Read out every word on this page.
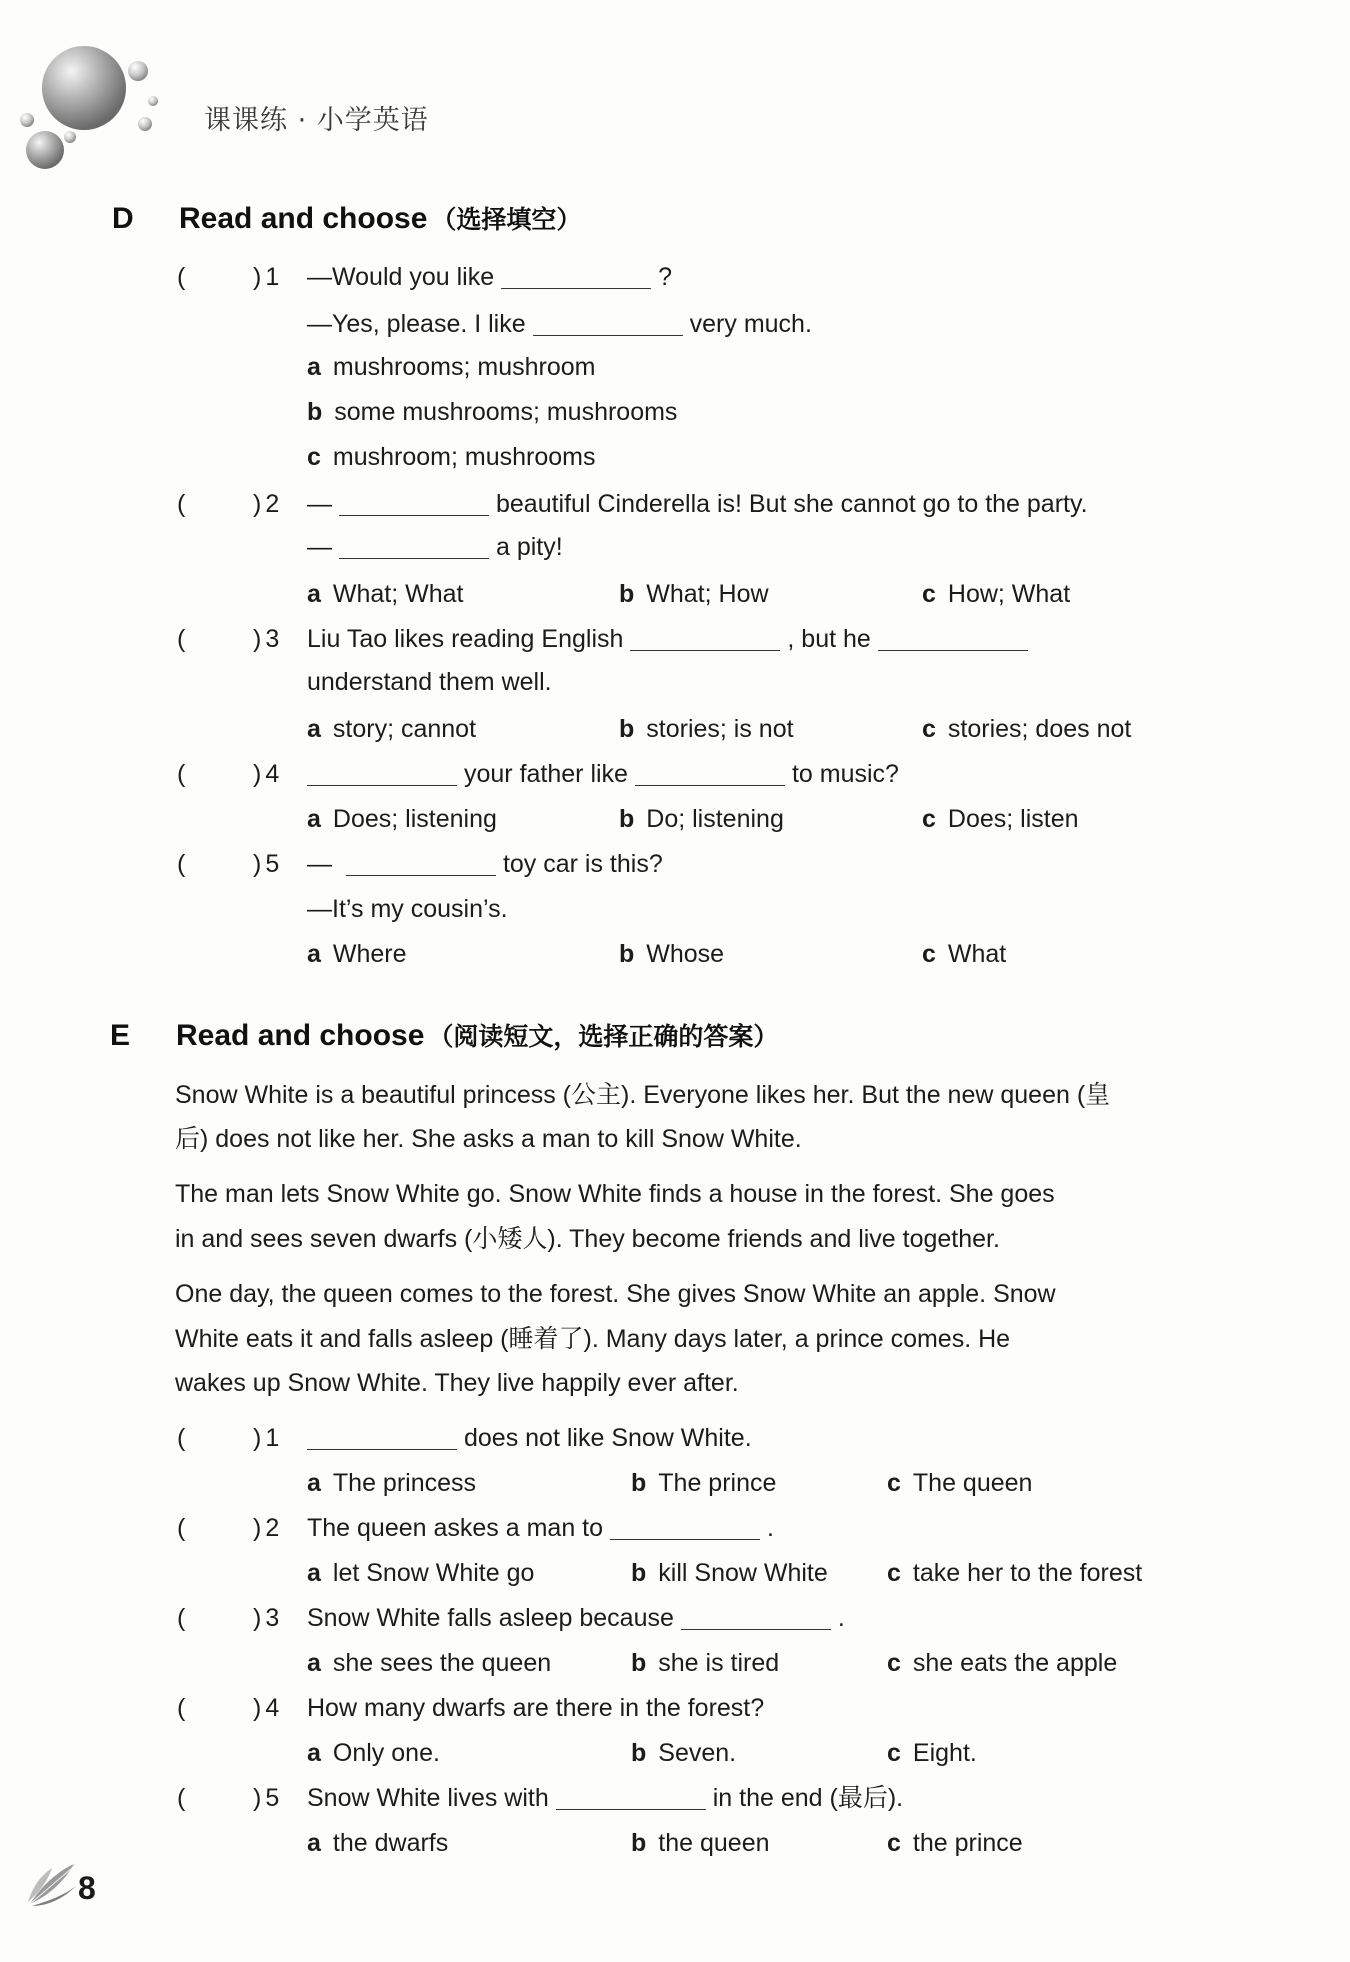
课课练 · 小学英语
D Read and choose （选择填空）
(	) 1 —Would you like	?
—Yes, please. I like	very much.
a mushrooms; mushroom
b some mushrooms; mushrooms
c mushroom; mushrooms
(	) 2 —	beautiful Cinderella is! But she cannot go to the party.
—	a pity!
a What; What	b What; How	c How; What
(	) 3 Liu Tao likes reading English	, but he
understand them well.
a story; cannot	b stories; is not	c stories; does not
(	) 4	your father like	to music?
a Does; listening	b Do; listening	c Does; listen
(	) 5 —	toy car is this?
—It’s my cousin’s.
a Where	b Whose	c What
E Read and choose （阅读短文，选择正确的答案）
Snow White is a beautiful princess (公主). Everyone likes her. But the new queen (皇
后) does not like her. She asks a man to kill Snow White.
The man lets Snow White go. Snow White finds a house in the forest. She goes
in and sees seven dwarfs (小矮人). They become friends and live together.
One day, the queen comes to the forest. She gives Snow White an apple. Snow
White eats it and falls asleep (睡着了). Many days later, a prince comes. He
wakes up Snow White. They live happily ever after.
(	) 1	does not like Snow White.
a The princess	b The prince	c The queen
(	) 2 The queen askes a man to	.
a let Snow White go	b kill Snow White c take her to the forest
(	) 3 Snow White falls asleep because	.
a she sees the queen	b she is tired	c she eats the apple
(	) 4 How many dwarfs are there in the forest?
a Only one.	b Seven.	c Eight.
(	) 5 Snow White lives with	in the end (最后).
a the dwarfs	b the queen	c the prince
8
